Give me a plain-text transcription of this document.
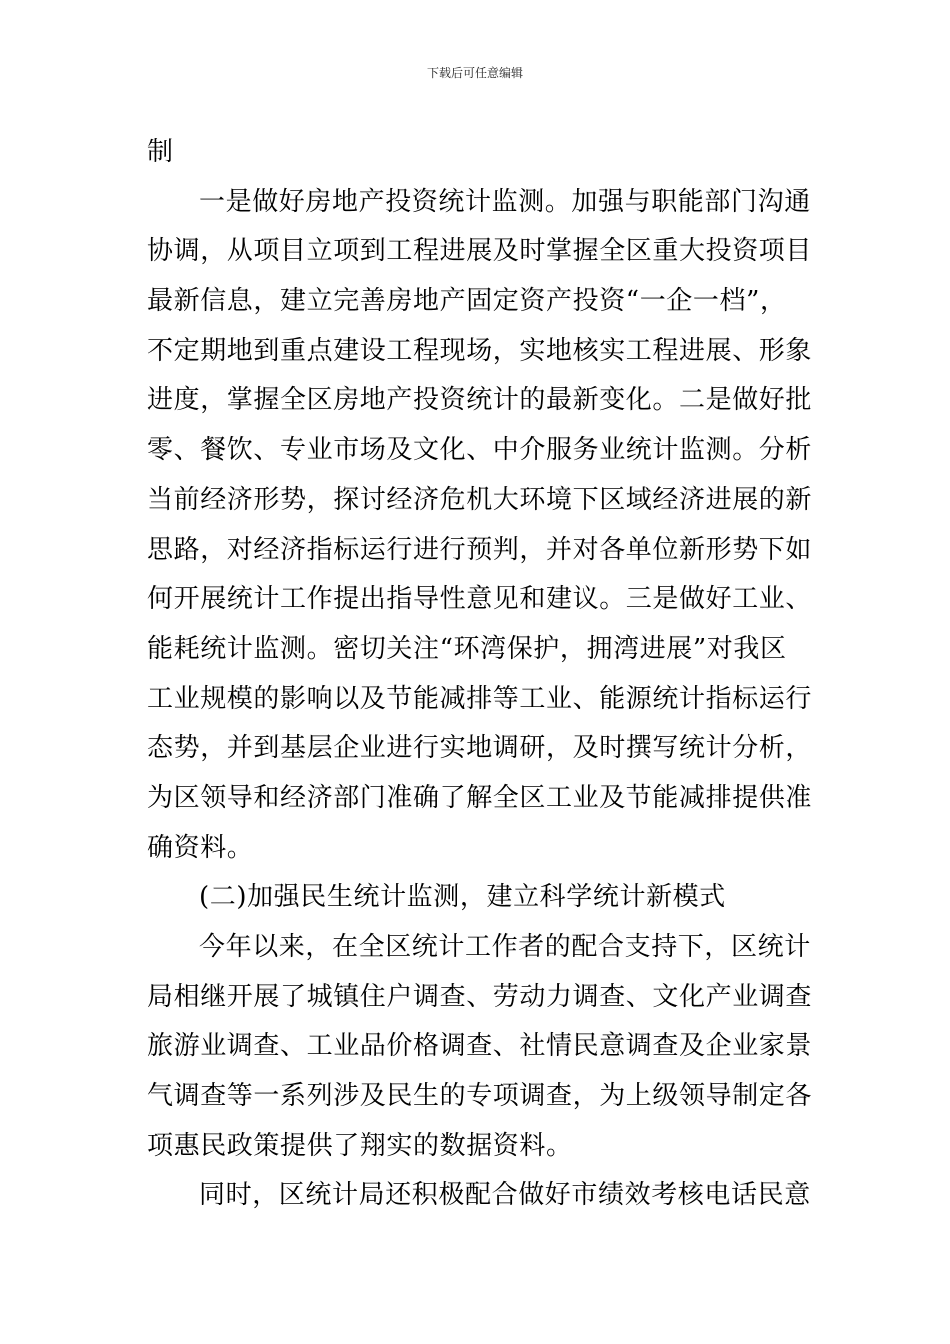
下载后可任意编辑
制
一是做好房地产投资统计监测。加强与职能部门沟通
协调，从项目立项到工程进展及时掌握全区重大投资项目
最新信息，建立完善房地产固定资产投资“一企一档”，
不定期地到重点建设工程现场，实地核实工程进展、形象
进度，掌握全区房地产投资统计的最新变化。二是做好批
零、餐饮、专业市场及文化、中介服务业统计监测。分析
当前经济形势，探讨经济危机大环境下区域经济进展的新
思路，对经济指标运行进行预判，并对各单位新形势下如
何开展统计工作提出指导性意见和建议。三是做好工业、
能耗统计监测。密切关注“环湾保护，拥湾进展”对我区
工业规模的影响以及节能减排等工业、能源统计指标运行
态势，并到基层企业进行实地调研，及时撰写统计分析，
为区领导和经济部门准确了解全区工业及节能减排提供准
确资料。
(二)加强民生统计监测，建立科学统计新模式
今年以来，在全区统计工作者的配合支持下，区统计
局相继开展了城镇住户调查、劳动力调查、文化产业调查
旅游业调查、工业品价格调查、社情民意调查及企业家景
气调查等一系列涉及民生的专项调查，为上级领导制定各
项惠民政策提供了翔实的数据资料。
同时，区统计局还积极配合做好市绩效考核电话民意
